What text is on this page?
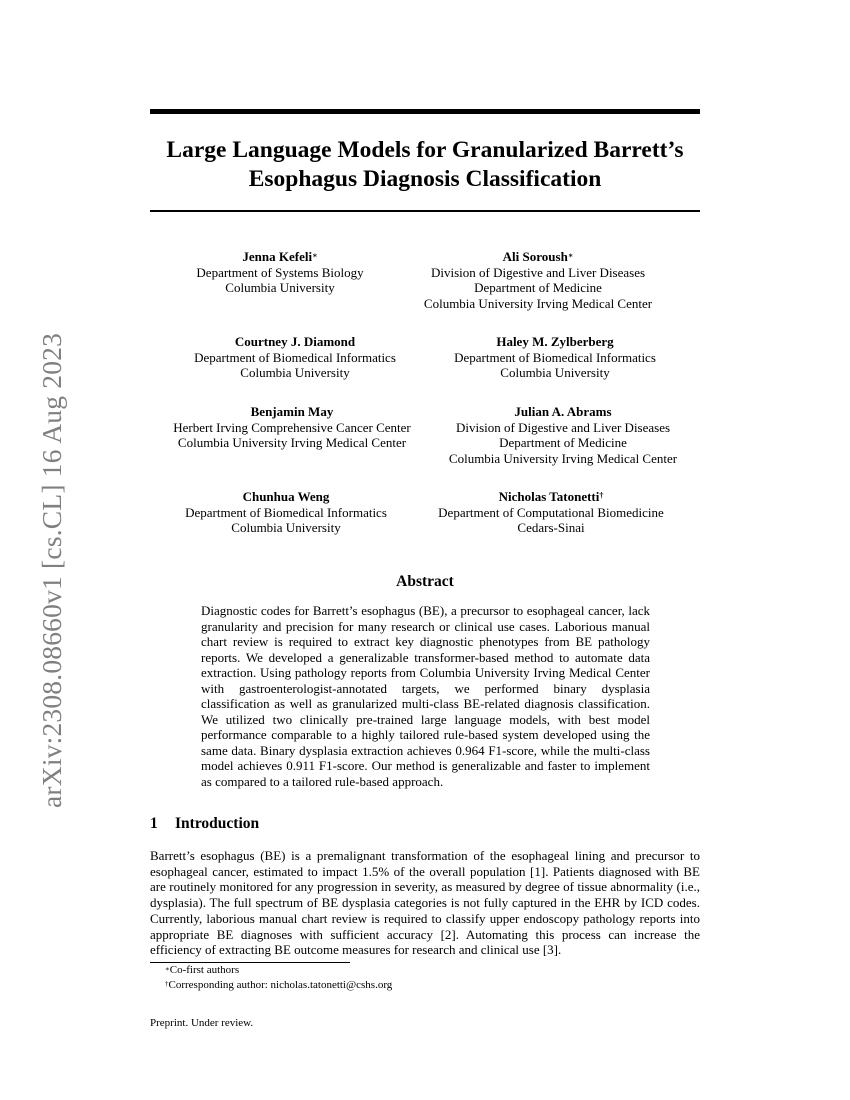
Large Language Models for Granularized Barrett’s
Esophagus Diagnosis Classification
arXiv:2308.08660v1 [cs.CL] 16 Aug 2023
Jenna Kefeli∗
Department of Systems Biology
Columbia University
Ali Soroush∗
Division of Digestive and Liver Diseases
Department of Medicine
Columbia University Irving Medical Center
Courtney J. Diamond
Department of Biomedical Informatics
Columbia University
Haley M. Zylberberg
Department of Biomedical Informatics
Columbia University
Benjamin May
Herbert Irving Comprehensive Cancer Center
Columbia University Irving Medical Center
Julian A. Abrams
Division of Digestive and Liver Diseases
Department of Medicine
Columbia University Irving Medical Center
Chunhua Weng
Department of Biomedical Informatics
Columbia University
Nicholas Tatonetti†
Department of Computational Biomedicine
Cedars-Sinai
Abstract

Diagnostic codes for Barrett’s esophagus (BE), a precursor to esophageal cancer, lack granularity and precision for many research or clinical use cases. Laborious manual chart review is required to extract key diagnostic phenotypes from BE pathology reports. We developed a generalizable transformer-based method to automate data extraction. Using pathology reports from Columbia University Irving Medical Center with gastroenterologist-annotated targets, we performed binary dysplasia classification as well as granularized multi-class BE-related diagnosis classification. We utilized two clinically pre-trained large language models, with best model performance comparable to a highly tailored rule-based system developed using the same data. Binary dysplasia extraction achieves 0.964 F1-score, while the multi-class model achieves 0.911 F1-score. Our method is generalizable and faster to implement as compared to a tailored rule-based approach.

1 Introduction

Barrett’s esophagus (BE) is a premalignant transformation of the esophageal lining and precursor to esophageal cancer, estimated to impact 1.5% of the overall population [1]. Patients diagnosed with BE are routinely monitored for any progression in severity, as measured by degree of tissue abnormality (i.e., dysplasia). The full spectrum of BE dysplasia categories is not fully captured in the EHR by ICD codes. Currently, laborious manual chart review is required to classify upper endoscopy pathology reports into appropriate BE diagnoses with sufficient accuracy [2]. Automating this process can increase the efficiency of extracting BE outcome measures for research and clinical use [3].

∗Co-first authors

†Corresponding author: nicholas.tatonetti@cshs.org

Preprint. Under review.
